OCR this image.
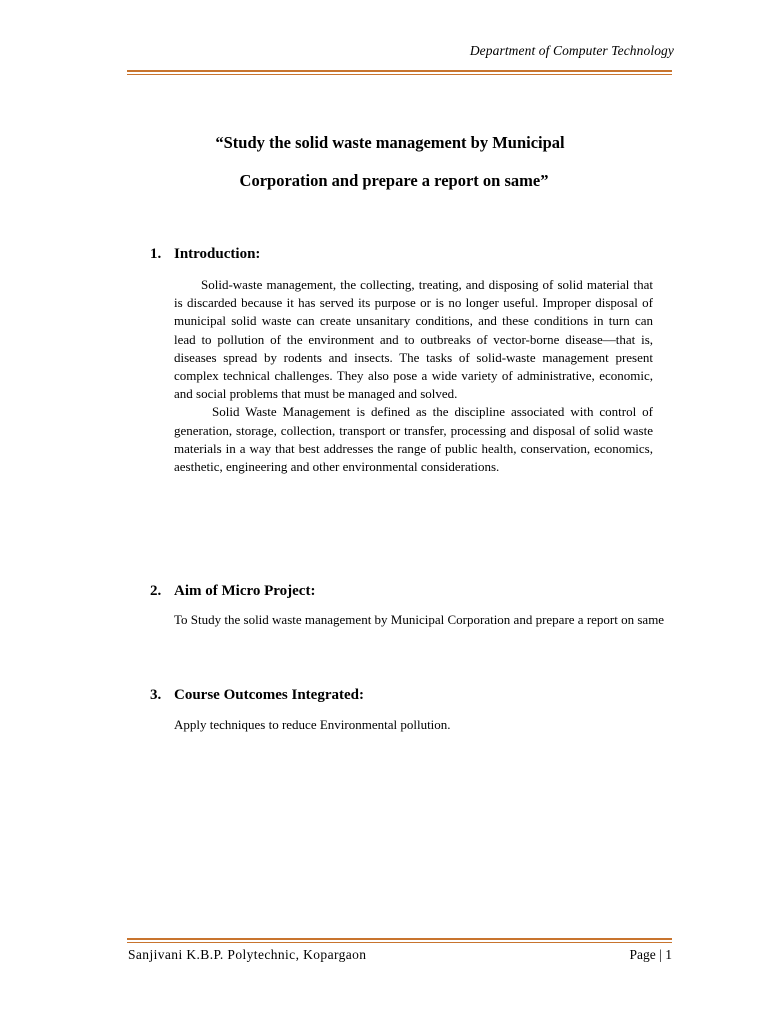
Department of Computer Technology
“Study the solid waste management by Municipal
Corporation and prepare a report on same”
1. Introduction:

Solid-waste management, the collecting, treating, and disposing of solid material that is discarded because it has served its purpose or is no longer useful. Improper disposal of municipal solid waste can create unsanitary conditions, and these conditions in turn can lead to pollution of the environment and to outbreaks of vector-borne disease—that is, diseases spread by rodents and insects. The tasks of solid-waste management present complex technical challenges. They also pose a wide variety of administrative, economic, and social problems that must be managed and solved.

Solid Waste Management is defined as the discipline associated with control of generation, storage, collection, transport or transfer, processing and disposal of solid waste materials in a way that best addresses the range of public health, conservation, economics, aesthetic, engineering and other environmental considerations.

2. Aim of Micro Project:
To Study the solid waste management by Municipal Corporation and prepare a report on same
3. Course Outcomes Integrated:
Apply techniques to reduce Environmental pollution.
Sanjivani K.B.P. Polytechnic, Kopargaon	Page | 1
